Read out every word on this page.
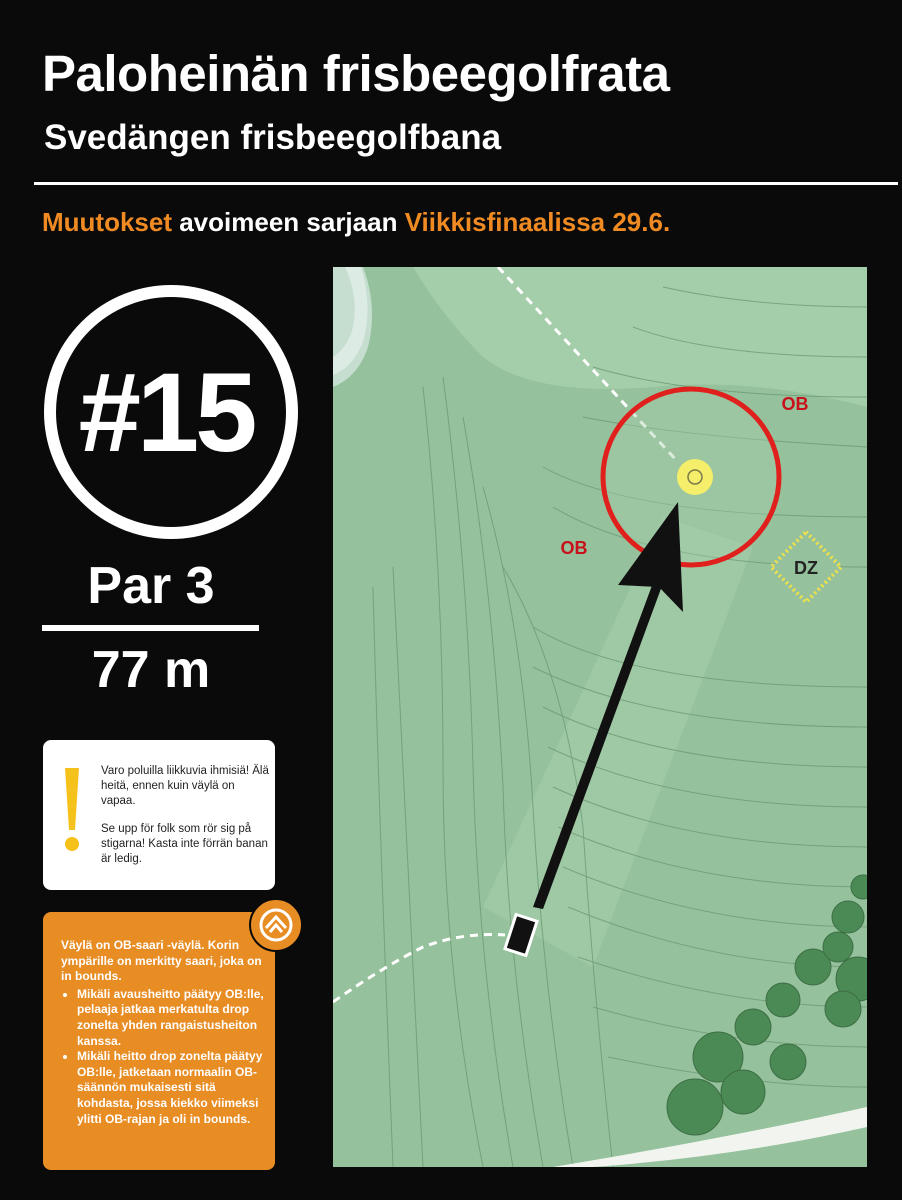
Paloheinän frisbeegolfrata
Svedängen frisbeegolfbana
Muutokset avoimeen sarjaan Viikkisfinaalissa 29.6.
#15
Par 3
77 m

Varo poluilla liikkuvia ihmisiä! Älä heitä, ennen kuin väylä on vapaa.

Se upp för folk som rör sig på stigarna! Kasta inte förrän banan är ledig.

Väylä on OB-saari -väylä. Korin ympärille on merkitty saari, joka on in bounds.
• Mikäli avausheitto päätyy OB:lle, pelaaja jatkaa merkatulta drop zonelta yhden rangaistusheiton kanssa.
• Mikäli heitto drop zonelta päätyy OB:lle, jatketaan normaalin OB-säännön mukaisesti sitä kohdasta, jossa kiekko viimeksi ylitti OB-rajan ja oli in bounds.
DZ
OB
OB
